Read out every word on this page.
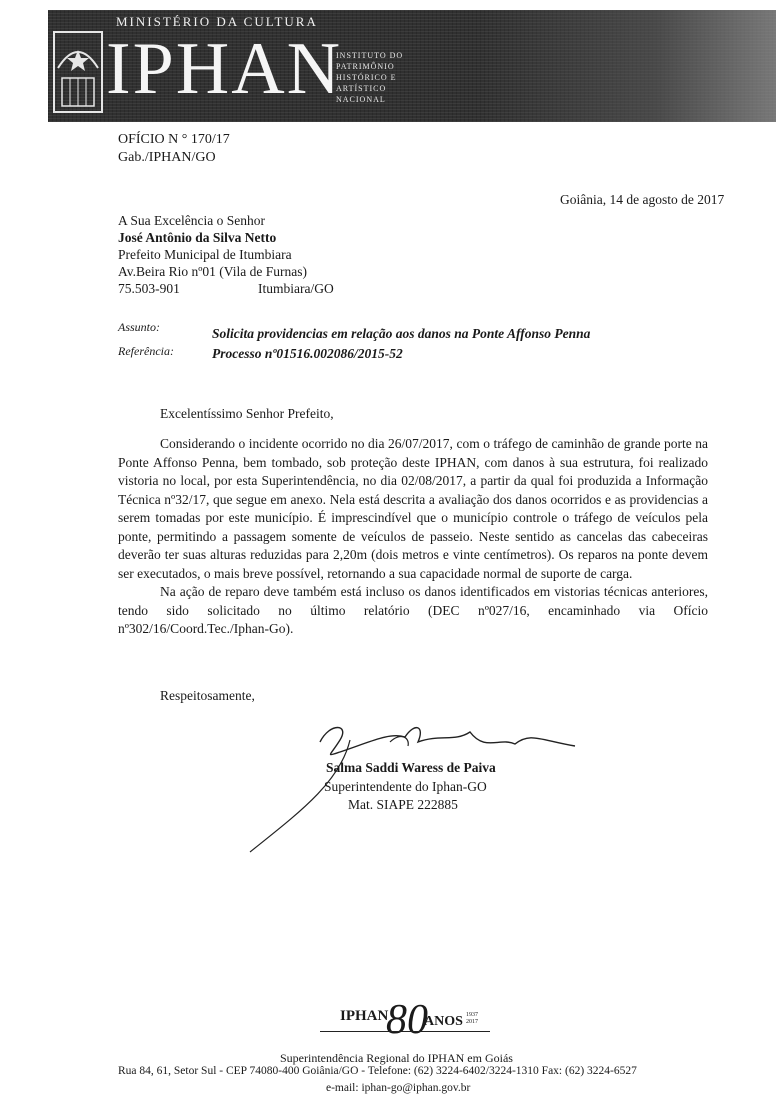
MINISTÉRIO DA CULTURA
IPHAN
INSTITUTO DO
PATRIMÔNIO
HISTÓRICO E
ARTÍSTICO
NACIONAL
OFÍCIO N ° 170/17
Gab./IPHAN/GO
Goiânia, 14 de agosto de 2017
A Sua Excelência o Senhor
José Antônio da Silva Netto
Prefeito Municipal de Itumbiara
Av.Beira Rio nº01 (Vila de Furnas)
75.503-901	Itumbiara/GO
Assunto:	Solicita providencias em relação aos danos na Ponte Affonso Penna
Referência:	Processo nº01516.002086/2015-52
Excelentíssimo Senhor Prefeito,

Considerando o incidente ocorrido no dia 26/07/2017, com o tráfego de caminhão de grande porte na Ponte Affonso Penna, bem tombado, sob proteção deste IPHAN, com danos à sua estrutura, foi realizado vistoria no local, por esta Superintendência, no dia 02/08/2017, a partir da qual foi produzida a Informação Técnica nº32/17, que segue em anexo. Nela está descrita a avaliação dos danos ocorridos e as providencias a serem tomadas por este município. É imprescindível que o município controle o tráfego de veículos pela ponte, permitindo a passagem somente de veículos de passeio. Neste sentido as cancelas das cabeceiras deverão ter suas alturas reduzidas para 2,20m (dois metros e vinte centímetros). Os reparos na ponte devem ser executados, o mais breve possível, retornando a sua capacidade normal de suporte de carga.

Na ação de reparo deve também está incluso os danos identificados em vistorias técnicas anteriores, tendo sido solicitado no último relatório (DEC nº027/16, encaminhado via Ofício nº302/16/Coord.Tec./Iphan-Go).

Respeitosamente,
Salma Saddi Waress de Paiva
Superintendente do Iphan-GO
Mat. SIAPE 222885
IPHAN
80
ANOS 1937
2017
Superintendência Regional do IPHAN em Goiás
Rua 84, 61, Setor Sul - CEP 74080-400 Goiânia/GO - Telefone: (62) 3224-6402/3224-1310 Fax: (62) 3224-6527
e-mail: iphan-go@iphan.gov.br
